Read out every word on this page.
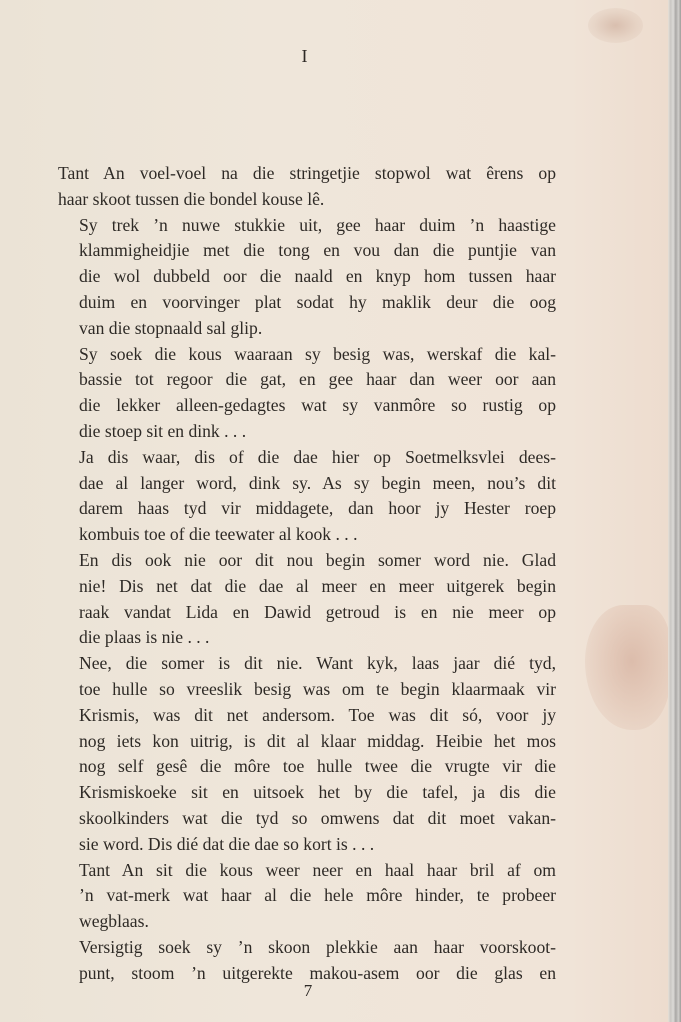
I
Tant An voel-voel na die stringetjie stopwol wat êrens op
haar skoot tussen die bondel kouse lê.
Sy trek ’n nuwe stukkie uit, gee haar duim ’n haastige
klammigheidjie met die tong en vou dan die puntjie van
die wol dubbeld oor die naald en knyp hom tussen haar
duim en voorvinger plat sodat hy maklik deur die oog
van die stopnaald sal glip.
Sy soek die kous waaraan sy besig was, werskaf die kal-
bassie tot regoor die gat, en gee haar dan weer oor aan
die lekker alleen-gedagtes wat sy vanmôre so rustig op
die stoep sit en dink . . .
Ja dis waar, dis of die dae hier op Soetmelksvlei dees-
dae al langer word, dink sy. As sy begin meen, nou’s dit
darem haas tyd vir middagete, dan hoor jy Hester roep
kombuis toe of die teewater al kook . . .
En dis ook nie oor dit nou begin somer word nie. Glad
nie! Dis net dat die dae al meer en meer uitgerek begin
raak vandat Lida en Dawid getroud is en nie meer op
die plaas is nie . . .
Nee, die somer is dit nie. Want kyk, laas jaar dié tyd,
toe hulle so vreeslik besig was om te begin klaarmaak vir
Krismis, was dit net andersom. Toe was dit só, voor jy
nog iets kon uitrig, is dit al klaar middag. Heibie het mos
nog self gesê die môre toe hulle twee die vrugte vir die
Krismiskoeke sit en uitsoek het by die tafel, ja dis die
skoolkinders wat die tyd so omwens dat dit moet vakan-
sie word. Dis dié dat die dae so kort is . . .
Tant An sit die kous weer neer en haal haar bril af om
’n vat-merk wat haar al die hele môre hinder, te probeer
wegblaas.
Versigtig soek sy ’n skoon plekkie aan haar voorskoot-
punt, stoom ’n uitgerekte makou-asem oor die glas en
7
